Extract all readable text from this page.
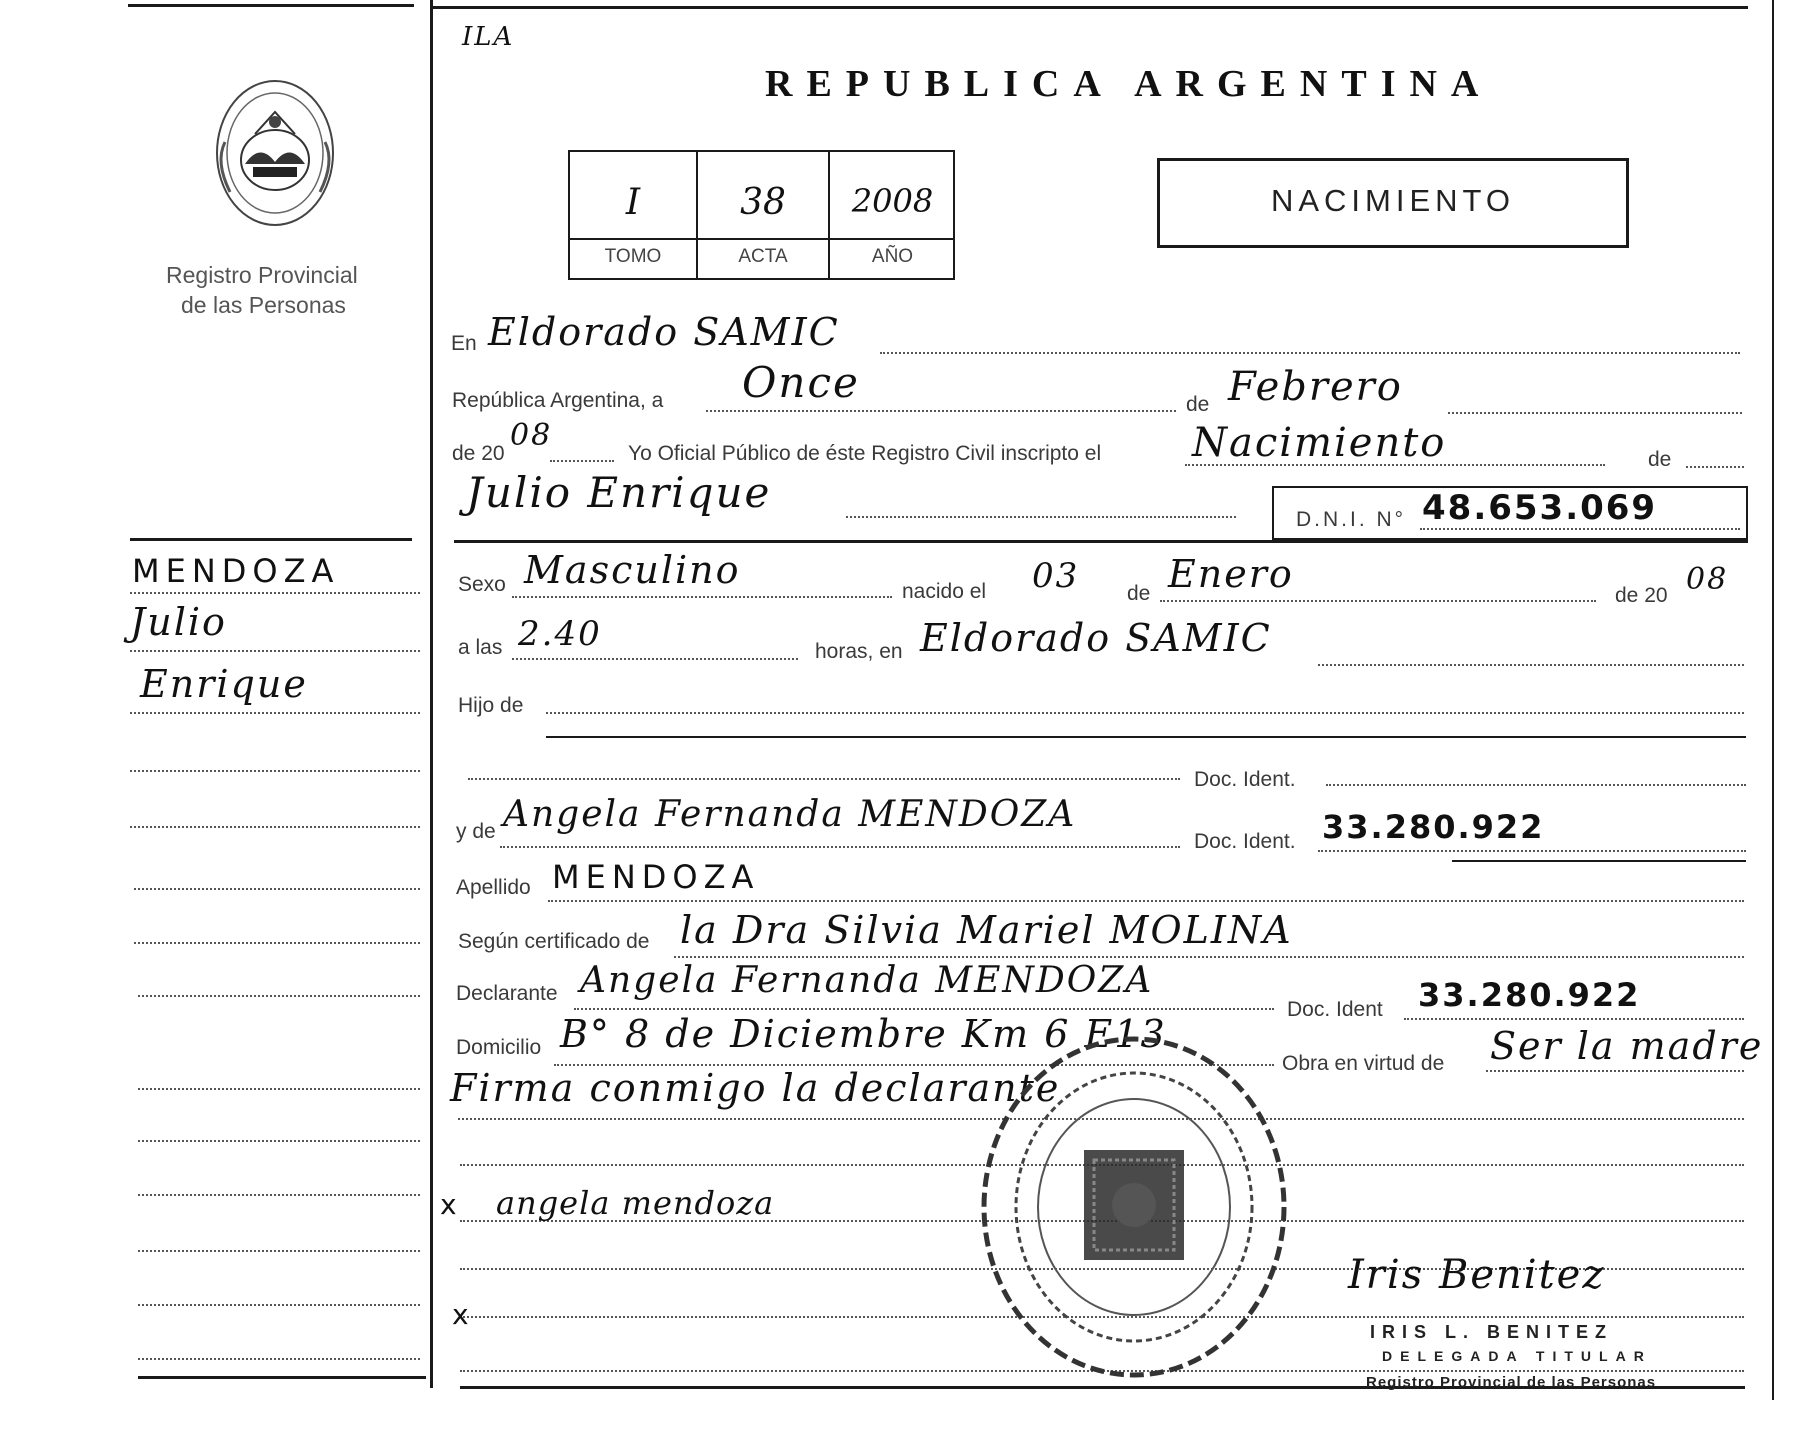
ILA
REPUBLICA ARGENTINA
Registro Provincial
de las Personas
I	38	2008
TOMO	ACTA	AÑO
NACIMIENTO
MENDOZA
Julio
Enrique
En Eldorado SAMIC
República Argentina, a Once	de Febrero
de 20
08
Yo Oficial Público de éste Registro Civil inscripto el Nacimiento	de
Julio Enrique
D.N.I. N° 48.653.069
Sexo Masculino	nacido el 03 de Enero	de 20 08
a las 2.40	horas, en Eldorado SAMIC
Hijo de
Doc. Ident.
y de Angela Fernanda MENDOZA
Doc. Ident. 33.280.922
Apellido MENDOZA
Según certificado de la Dra Silvia Mariel MOLINA
Declarante Angela Fernanda MENDOZA
Doc. Ident 33.280.922
Domicilio B° 8 de Diciembre Km 6 E13
Obra en virtud de Ser la madre
Firma conmigo la declarante
x angela mendoza
x
Iris Benitez
IRIS L. BENITEZ
DELEGADA TITULAR
Registro Provincial de las Personas
